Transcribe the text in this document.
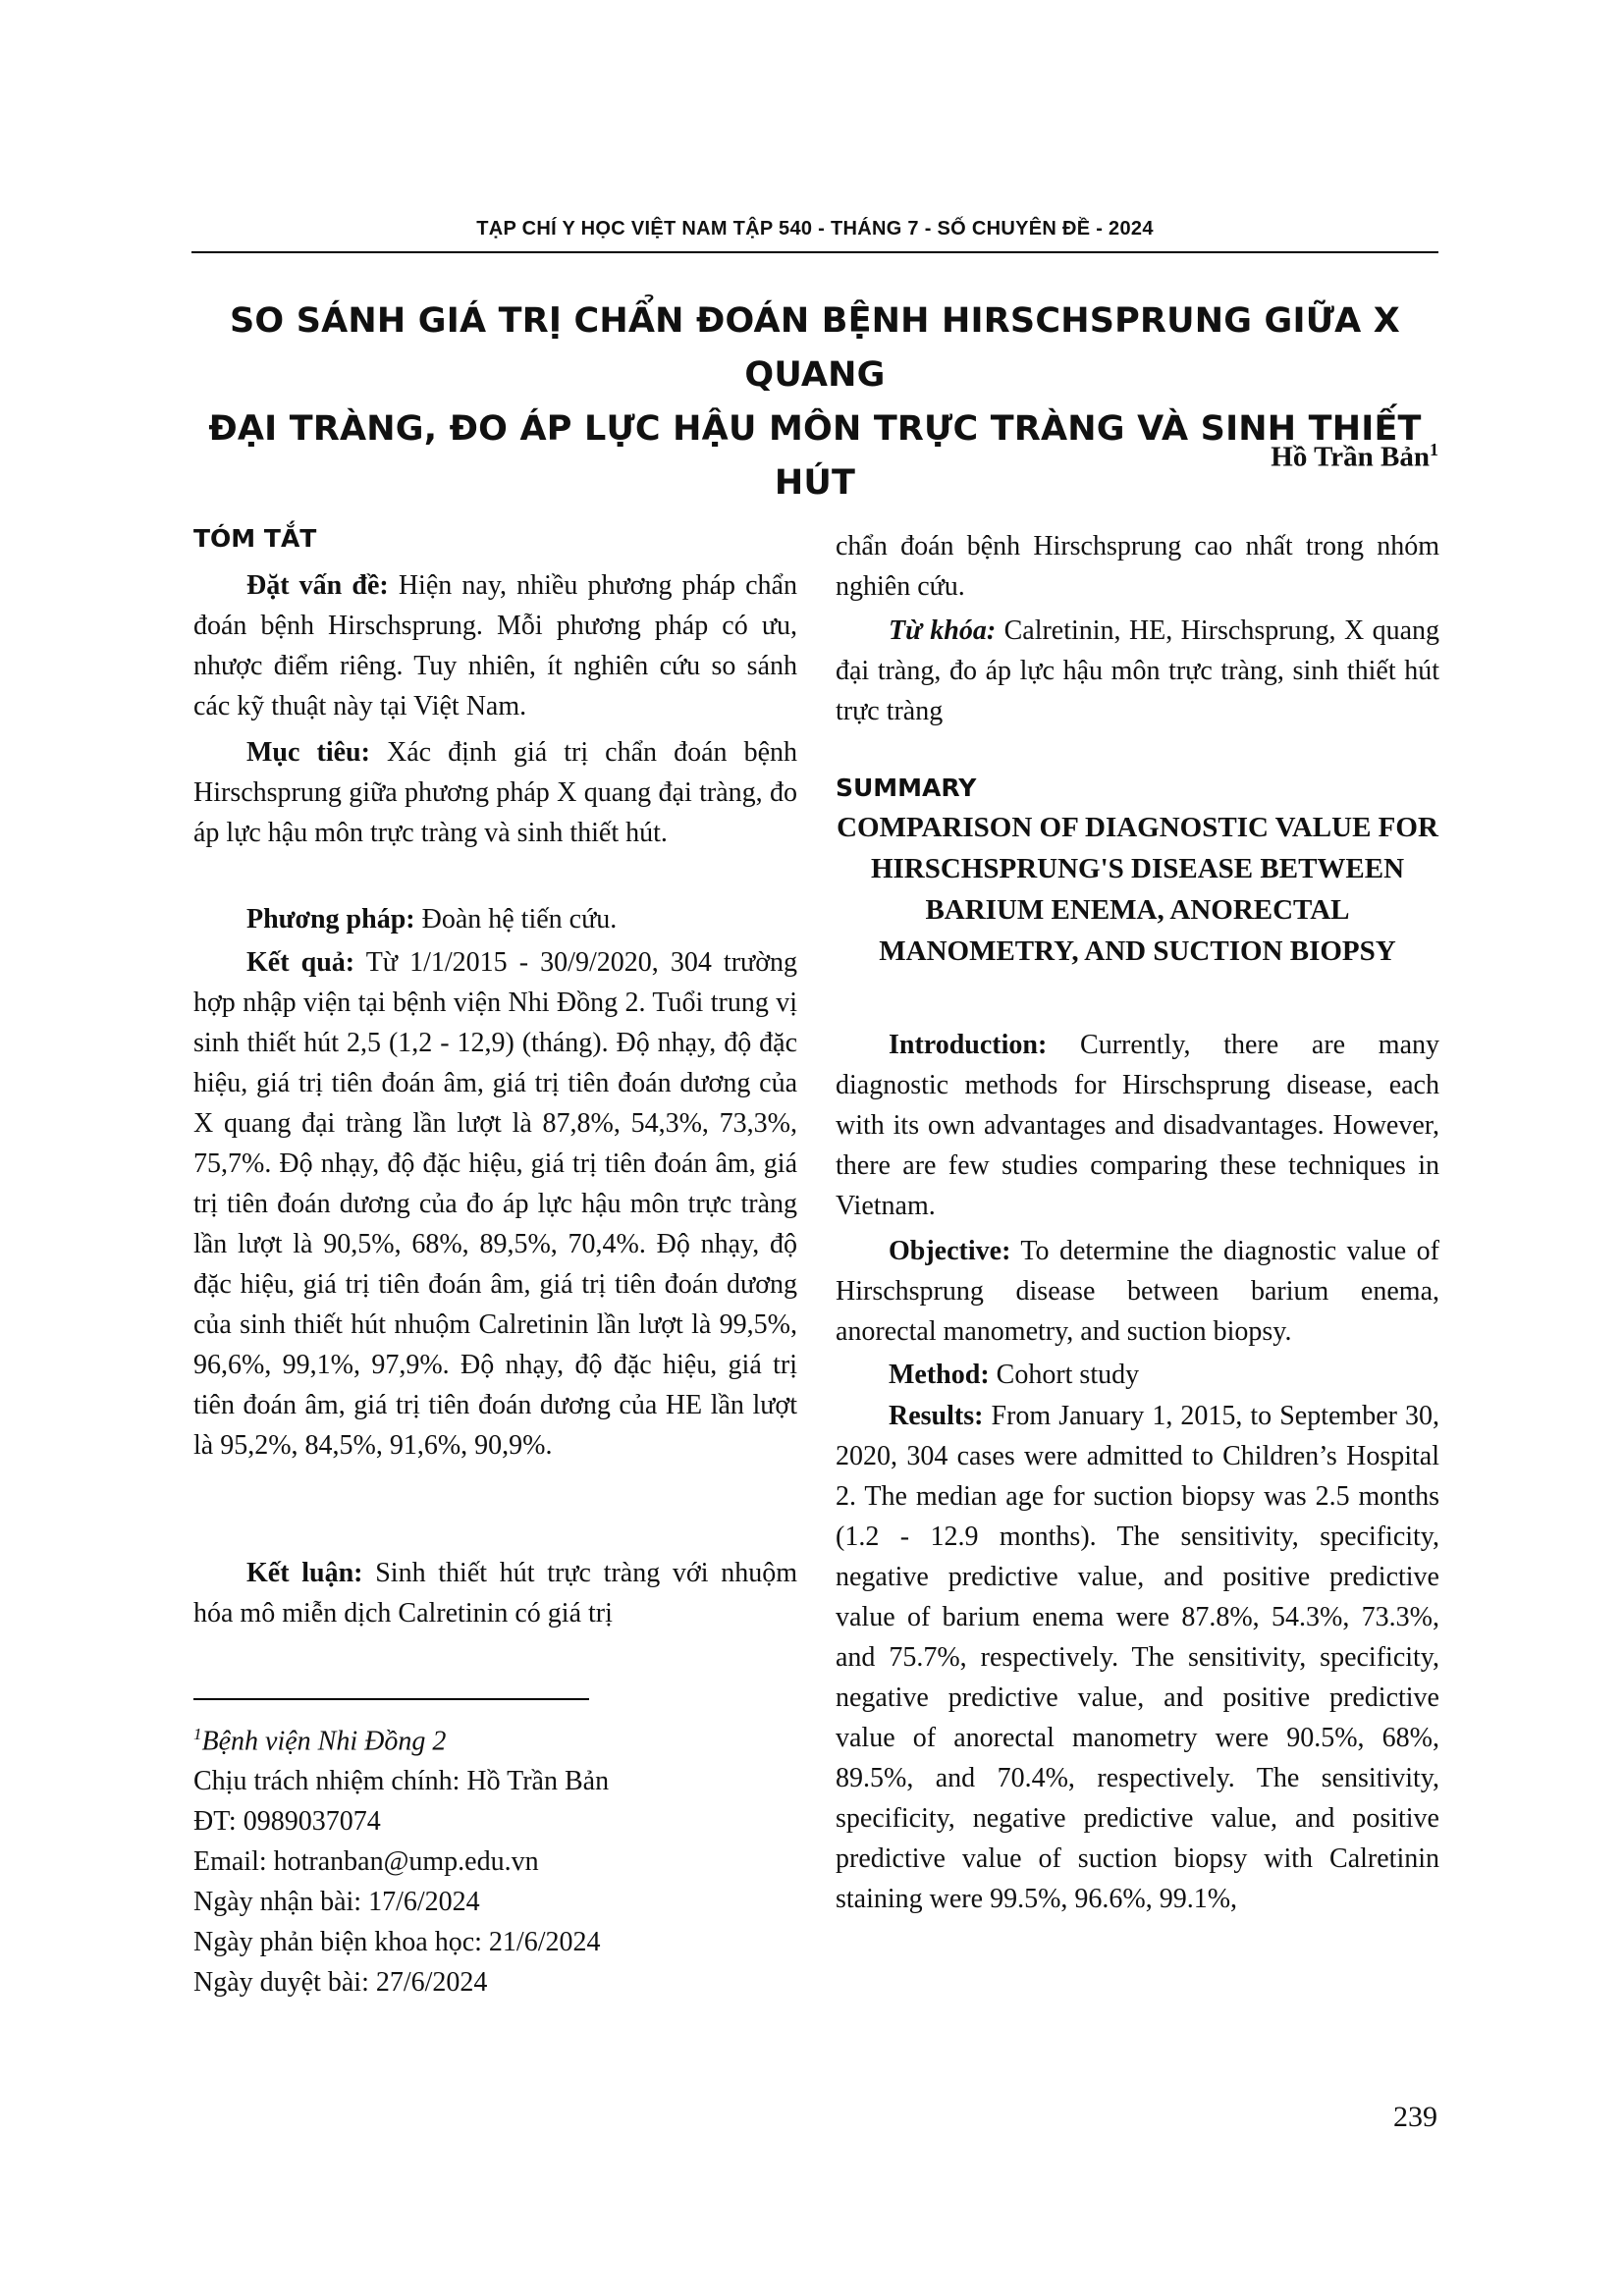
TẠP CHÍ Y HỌC VIỆT NAM TẬP 540 - THÁNG 7 - SỐ CHUYÊN ĐỀ - 2024
SO SÁNH GIÁ TRỊ CHẨN ĐOÁN BỆNH HIRSCHSPRUNG GIỮA X QUANG
ĐẠI TRÀNG, ĐO ÁP LỰC HẬU MÔN TRỰC TRÀNG VÀ SINH THIẾT HÚT
Hồ Trần Bản$^1$
TÓM TẮT

Đặt vấn đề: Hiện nay, nhiều phương pháp chẩn đoán bệnh Hirschsprung. Mỗi phương pháp có ưu, nhược điểm riêng. Tuy nhiên, ít nghiên cứu so sánh các kỹ thuật này tại Việt Nam.

Mục tiêu: Xác định giá trị chẩn đoán bệnh Hirschsprung giữa phương pháp X quang đại tràng, đo áp lực hậu môn trực tràng và sinh thiết hút.

Phương pháp: Đoàn hệ tiến cứu.

Kết quả: Từ 1/1/2015 - 30/9/2020, 304 trường hợp nhập viện tại bệnh viện Nhi Đồng 2. Tuổi trung vị sinh thiết hút 2,5 (1,2 - 12,9) (tháng). Độ nhạy, độ đặc hiệu, giá trị tiên đoán âm, giá trị tiên đoán dương của X quang đại tràng lần lượt là 87,8%, 54,3%, 73,3%, 75,7%. Độ nhạy, độ đặc hiệu, giá trị tiên đoán âm, giá trị tiên đoán dương của đo áp lực hậu môn trực tràng lần lượt là 90,5%, 68%, 89,5%, 70,4%. Độ nhạy, độ đặc hiệu, giá trị tiên đoán âm, giá trị tiên đoán dương của sinh thiết hút nhuộm Calretinin lần lượt là 99,5%, 96,6%, 99,1%, 97,9%. Độ nhạy, độ đặc hiệu, giá trị tiên đoán âm, giá trị tiên đoán dương của HE lần lượt là 95,2%, 84,5%, 91,6%, 90,9%.

Kết luận: Sinh thiết hút trực tràng với nhuộm hóa mô miễn dịch Calretinin có giá trị

$^1$Bệnh viện Nhi Đồng 2
Chịu trách nhiệm chính: Hồ Trần Bản
ĐT: 0989037074
Email: hotranban@ump.edu.vn
Ngày nhận bài: 17/6/2024
Ngày phản biện khoa học: 21/6/2024
Ngày duyệt bài: 27/6/2024

chẩn đoán bệnh Hirschsprung cao nhất trong nhóm nghiên cứu.

Từ khóa: Calretinin, HE, Hirschsprung, X quang đại tràng, đo áp lực hậu môn trực tràng, sinh thiết hút trực tràng

SUMMARY
COMPARISON OF DIAGNOSTIC VALUE FOR HIRSCHSPRUNG'S DISEASE BETWEEN BARIUM ENEMA, ANORECTAL MANOMETRY, AND SUCTION BIOPSY

Introduction: Currently, there are many diagnostic methods for Hirschsprung disease, each with its own advantages and disadvantages. However, there are few studies comparing these techniques in Vietnam.

Objective: To determine the diagnostic value of Hirschsprung disease between barium enema, anorectal manometry, and suction biopsy.

Method: Cohort study

Results: From January 1, 2015, to September 30, 2020, 304 cases were admitted to Children’s Hospital 2. The median age for suction biopsy was 2.5 months (1.2 - 12.9 months). The sensitivity, specificity, negative predictive value, and positive predictive value of barium enema were 87.8%, 54.3%, 73.3%, and 75.7%, respectively. The sensitivity, specificity, negative predictive value, and positive predictive value of anorectal manometry were 90.5%, 68%, 89.5%, and 70.4%, respectively. The sensitivity, specificity, negative predictive value, and positive predictive value of suction biopsy with Calretinin staining were 99.5%, 96.6%, 99.1%,

239
